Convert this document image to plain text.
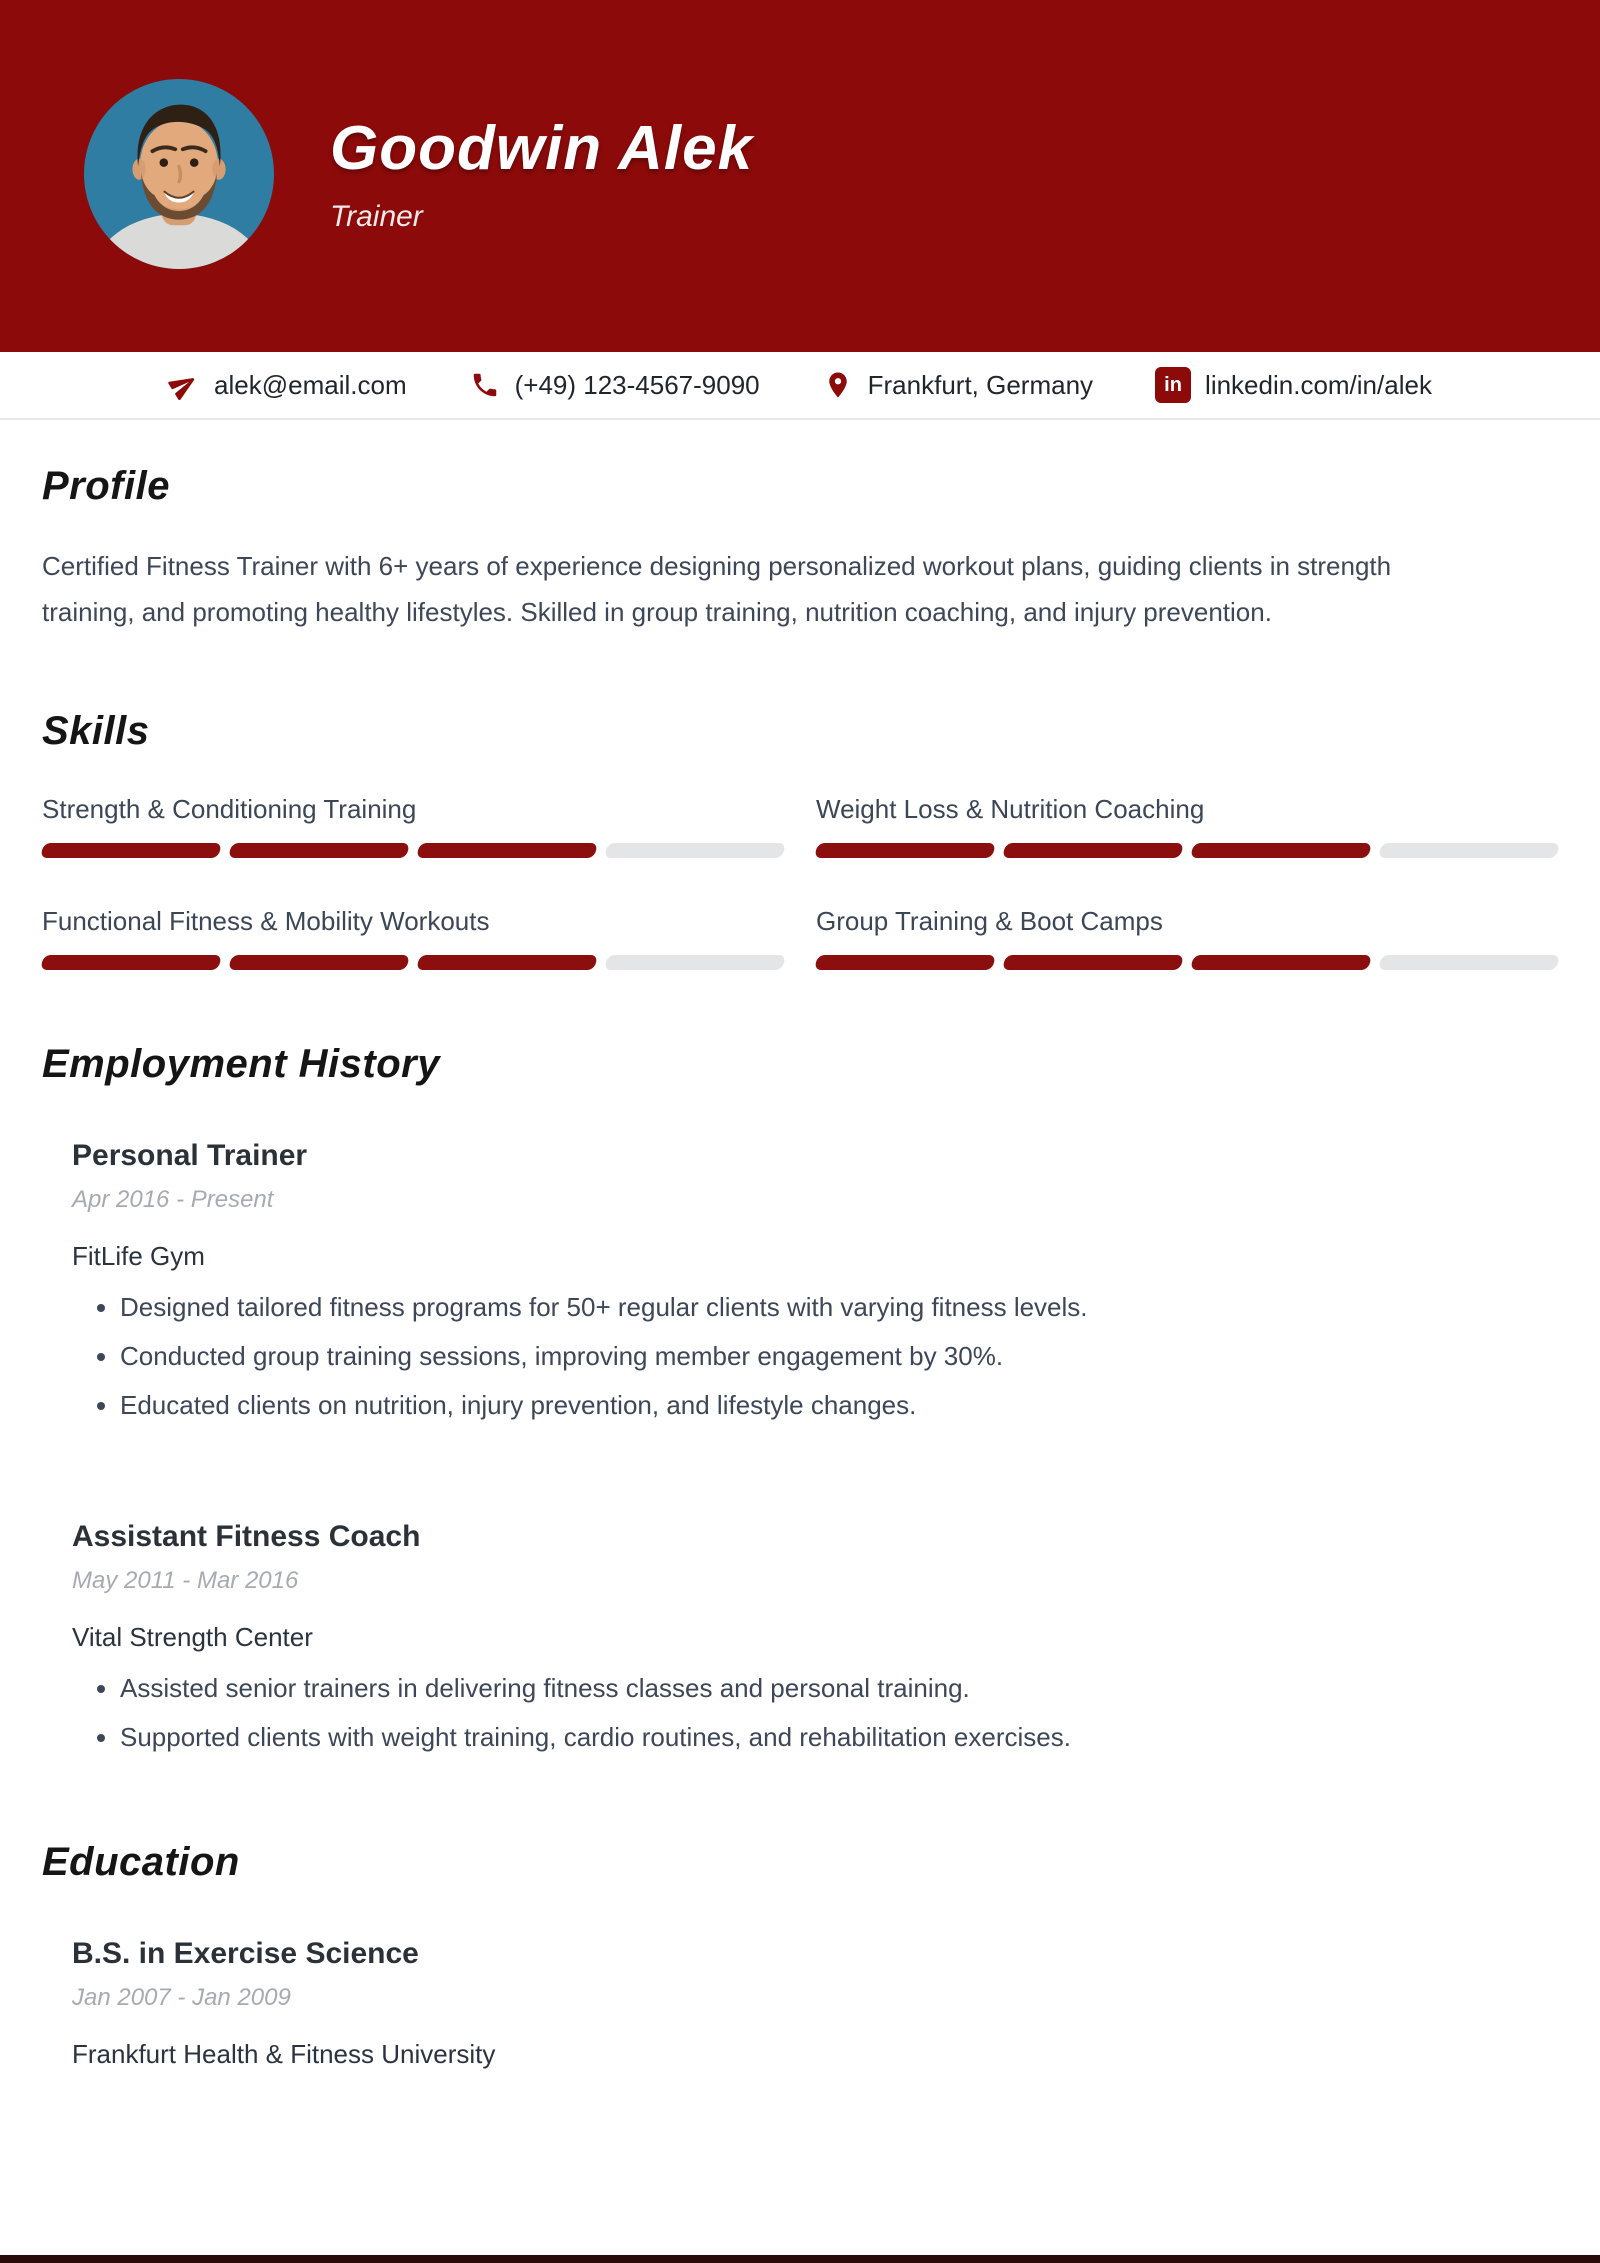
Goodwin Alek
Trainer
alek@email.com	(+49) 123-4567-9090	Frankfurt, Germany	in linkedin.com/in/alek
Profile

Certified Fitness Trainer with 6+ years of experience designing personalized workout plans, guiding clients in strength training, and promoting healthy lifestyles. Skilled in group training, nutrition coaching, and injury prevention.

Skills
Strength & Conditioning Training	Weight Loss & Nutrition Coaching
Functional Fitness & Mobility Workouts	Group Training & Boot Camps
Employment History
Personal Trainer
Apr 2016 - Present
FitLife Gym
• Designed tailored fitness programs for 50+ regular clients with varying fitness levels.
• Conducted group training sessions, improving member engagement by 30%.
• Educated clients on nutrition, injury prevention, and lifestyle changes.
Assistant Fitness Coach
May 2011 - Mar 2016
Vital Strength Center
• Assisted senior trainers in delivering fitness classes and personal training.
• Supported clients with weight training, cardio routines, and rehabilitation exercises.
Education
B.S. in Exercise Science
Jan 2007 - Jan 2009
Frankfurt Health & Fitness University
